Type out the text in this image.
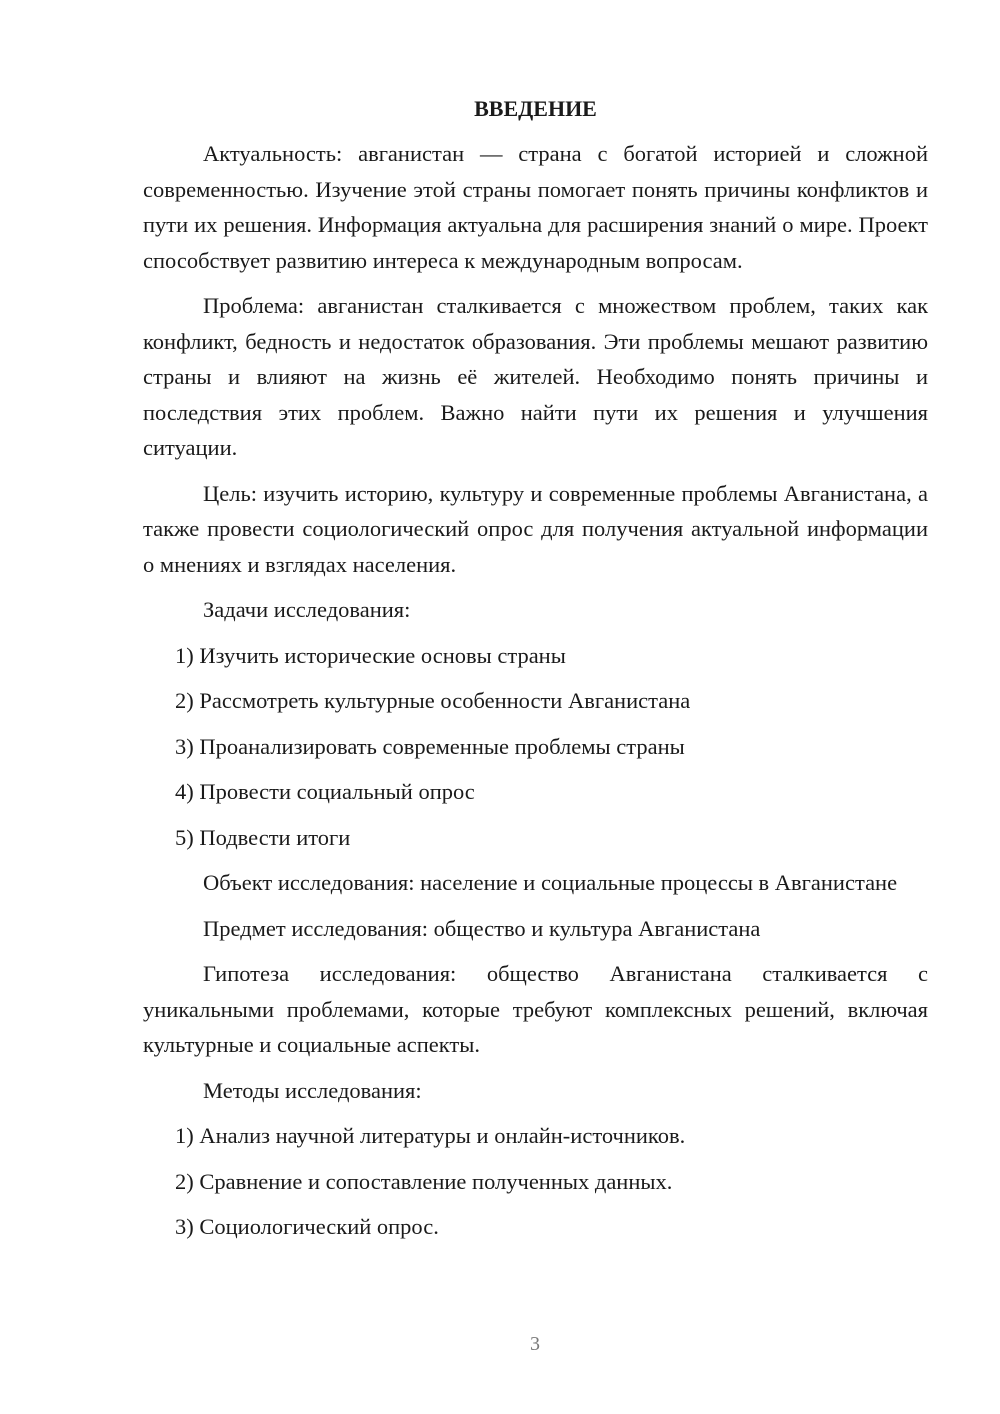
ВВЕДЕНИЕ

Актуальность: авганистан — страна с богатой историей и сложной современностью. Изучение этой страны помогает понять причины конфликтов и пути их решения. Информация актуальна для расширения знаний о мире. Проект способствует развитию интереса к международным вопросам.

Проблема: авганистан сталкивается с множеством проблем, таких как конфликт, бедность и недостаток образования. Эти проблемы мешают развитию страны и влияют на жизнь её жителей. Необходимо понять причины и последствия этих проблем. Важно найти пути их решения и улучшения ситуации.

Цель: изучить историю, культуру и современные проблемы Авганистана, а также провести социологический опрос для получения актуальной информации о мнениях и взглядах населения.

Задачи исследования:

1) Изучить исторические основы страны
2) Рассмотреть культурные особенности Авганистана
3) Проанализировать современные проблемы страны
4) Провести социальный опрос
5) Подвести итоги

Объект исследования: население и социальные процессы в Авганистане

Предмет исследования: общество и культура Авганистана

Гипотеза исследования: общество Авганистана сталкивается с уникальными проблемами, которые требуют комплексных решений, включая культурные и социальные аспекты.

Методы исследования:

1) Анализ научной литературы и онлайн-источников.
2) Сравнение и сопоставление полученных данных.
3) Социологический опрос.
3
